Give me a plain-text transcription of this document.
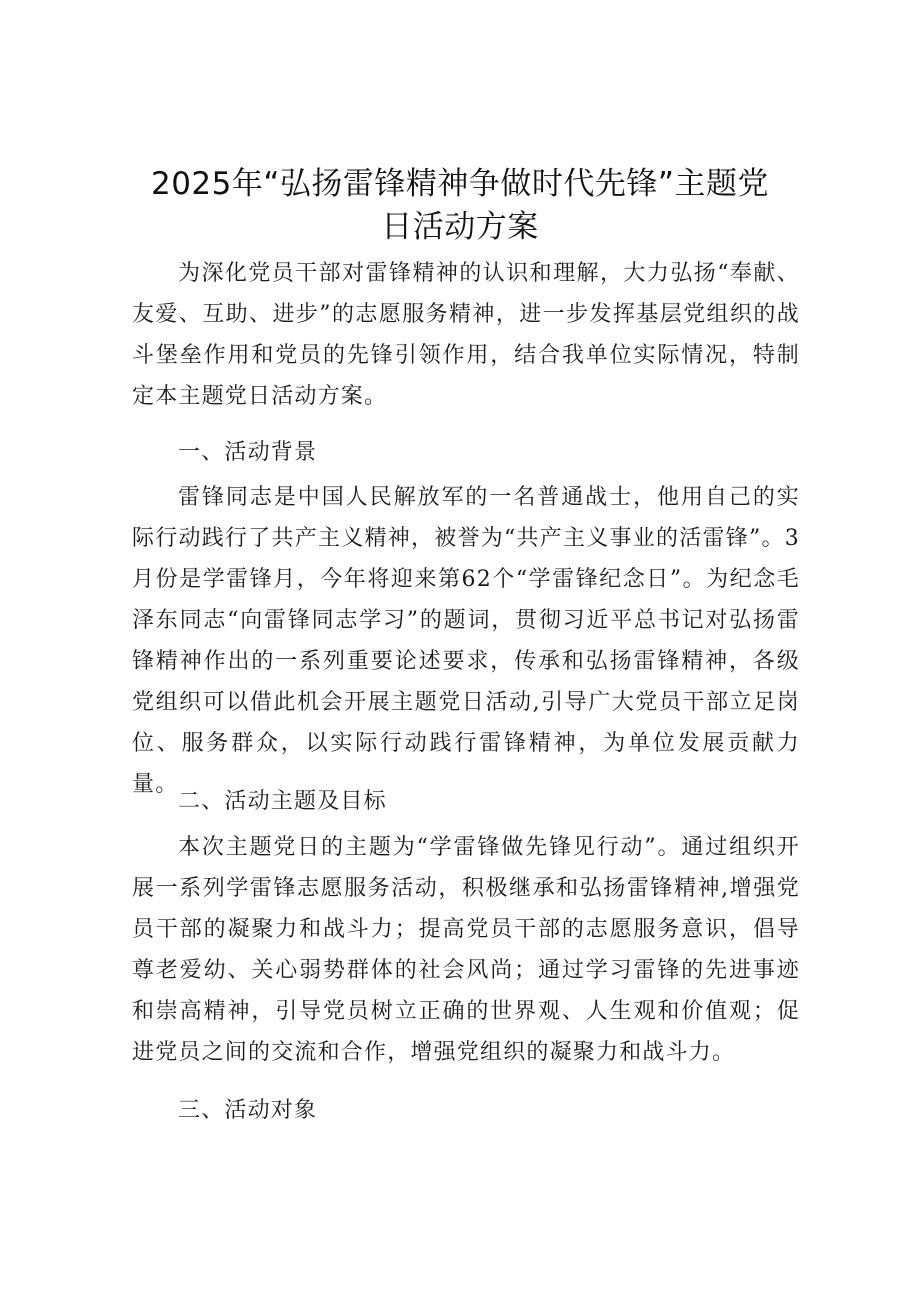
2025年“弘扬雷锋精神争做时代先锋”主题党
日活动方案

为深化党员干部对雷锋精神的认识和理解，大力弘扬“奉献、友爱、互助、进步”的志愿服务精神，进一步发挥基层党组织的战斗堡垒作用和党员的先锋引领作用，结合我单位实际情况，特制定本主题党日活动方案。

一、活动背景

雷锋同志是中国人民解放军的一名普通战士，他用自己的实际行动践行了共产主义精神，被誉为“共产主义事业的活雷锋”。3月份是学雷锋月，今年将迎来第62个“学雷锋纪念日”。为纪念毛泽东同志“向雷锋同志学习”的题词，贯彻习近平总书记对弘扬雷锋精神作出的一系列重要论述要求，传承和弘扬雷锋精神，各级党组织可以借此机会开展主题党日活动,引导广大党员干部立足岗位、服务群众，以实际行动践行雷锋精神，为单位发展贡献力量。

二、活动主题及目标

本次主题党日的主题为“学雷锋做先锋见行动”。通过组织开展一系列学雷锋志愿服务活动，积极继承和弘扬雷锋精神,增强党员干部的凝聚力和战斗力；提高党员干部的志愿服务意识，倡导尊老爱幼、关心弱势群体的社会风尚；通过学习雷锋的先进事迹和崇高精神，引导党员树立正确的世界观、人生观和价值观；促进党员之间的交流和合作，增强党组织的凝聚力和战斗力。

三、活动对象
